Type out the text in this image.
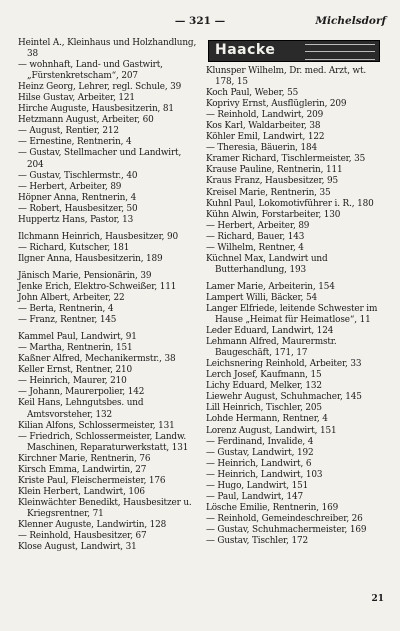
— 321 —	Michelsdorf
Heintel A., Kleinhaus und Holzhandlung, 38
— wohnhaft, Land- und Gastwirt, „Fürstenkretscham“, 207
Heinz Georg, Lehrer, regl. Schule, 39
Hilse Gustav, Arbeiter, 121
Hirche Auguste, Hausbesitzerin, 81
Hetzmann August, Arbeiter, 60
— August, Rentier, 212
— Ernestine, Rentnerin, 4
— Gustav, Stellmacher und Landwirt, 204
— Gustav, Tischlermstr., 40
— Herbert, Arbeiter, 89
Höpner Anna, Rentnerin, 4
— Robert, Hausbesitzer, 50
Huppertz Hans, Pastor, 13
Ilchmann Heinrich, Hausbesitzer, 90
— Richard, Kutscher, 181
Ilgner Anna, Hausbesitzerin, 189
Jänisch Marie, Pensionärin, 39
Jenke Erich, Elektro-Schweißer, 111
John Albert, Arbeiter, 22
— Berta, Rentnerin, 4
— Franz, Rentner, 145
Kammel Paul, Landwirt, 91
— Martha, Rentnerin, 151
Kaßner Alfred, Mechanikermstr., 38
Keller Ernst, Rentner, 210
— Heinrich, Maurer, 210
— Johann, Maurerpolier, 142
Keil Hans, Lehngutsbes. und Amtsvorsteher, 132
Kilian Alfons, Schlossermeister, 131
— Friedrich, Schlossermeister, Landw. Maschinen, Reparaturwerkstatt, 131
Kirchner Marie, Rentnerin, 76
Kirsch Emma, Landwirtin, 27
Kriste Paul, Fleischermeister, 176
Klein Herbert, Landwirt, 106
Kleinwächter Benedikt, Hausbesitzer u. Kriegsrentner, 71
Klenner Auguste, Landwirtin, 128
— Reinhold, Hausbesitzer, 67
Klose August, Landwirt, 31
Haacke
Klunsper Wilhelm, Dr. med. Arzt, wt. 178, 15
Koch Paul, Weber, 55
Koprivy Ernst, Ausflüglerin, 209
— Reinhold, Landwirt, 209
Kos Karl, Waldarbeiter, 38
Köhler Emil, Landwirt, 122
— Theresia, Bäuerin, 184
Kramer Richard, Tischlermeister, 35
Krause Pauline, Rentnerin, 111
Kraus Franz, Hausbesitzer, 95
Kreisel Marie, Rentnerin, 35
Kuhnl Paul, Lokomotivführer i. R., 180
Kühn Alwin, Forstarbeiter, 130
— Herbert, Arbeiter, 89
— Richard, Bauer, 143
— Wilhelm, Rentner, 4
Küchnel Max, Landwirt und Butterhandlung, 193
Lamer Marie, Arbeiterin, 154
Lampert Willi, Bäcker, 54
Langer Elfriede, leitende Schwester im Hause „Heimat für Heimatlose“, 11
Leder Eduard, Landwirt, 124
Lehmann Alfred, Maurermstr. Baugeschäft, 171, 17
Leichsnering Reinhold, Arbeiter, 33
Lerch Josef, Kaufmann, 15
Lichy Eduard, Melker, 132
Liewehr August, Schuhmacher, 145
Lill Heinrich, Tischler, 205
Lohde Hermann, Rentner, 4
Lorenz August, Landwirt, 151
— Ferdinand, Invalide, 4
— Gustav, Landwirt, 192
— Heinrich, Landwirt, 6
— Heinrich, Landwirt, 103
— Hugo, Landwirt, 151
— Paul, Landwirt, 147
Lösche Emilie, Rentnerin, 169
— Reinhold, Gemeindeschreiber, 26
— Gustav, Schuhmachermeister, 169
— Gustav, Tischler, 172
21
